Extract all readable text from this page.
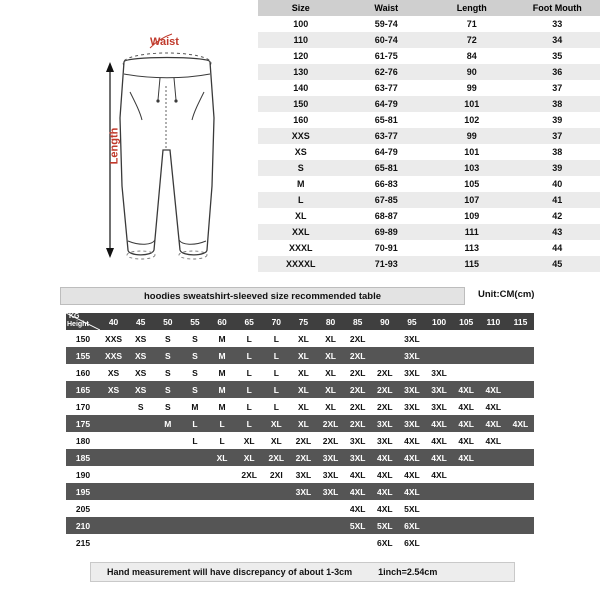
Waist
Length
Size	Waist	Length	Foot Mouth
100	59-74	71	33
110	60-74	72	34
120	61-75	84	35
130	62-76	90	36
140	63-77	99	37
150	64-79	101	38
160	65-81	102	39
XXS	63-77	99	37
XS	64-79	101	38
S	65-81	103	39
M	66-83	105	40
L	67-85	107	41
XL	68-87	109	42
XXL	69-89	111	43
XXXL	70-91	113	44
XXXXL	71-93	115	45
hoodies sweatshirt-sleeved size recommended table	Unit:CM(cm)
KG
Height	40	45	50	55	60	65	70	75	80	85	90	95	100	105	110	115
150	XXS	XS	S	S	M	L	L	XL	XL	2XL		3XL				
155	XXS	XS	S	S	M	L	L	XL	XL	2XL		3XL				
160	XS	XS	S	S	M	L	L	XL	XL	2XL	2XL	3XL	3XL			
165	XS	XS	S	S	M	L	L	XL	XL	2XL	2XL	3XL	3XL	4XL	4XL	
170		S	S	M	M	L	L	XL	XL	2XL	2XL	3XL	3XL	4XL	4XL	
175			M	L	L	L	XL	XL	2XL	2XL	3XL	3XL	4XL	4XL	4XL	4XL
180				L	L	XL	XL	2XL	2XL	3XL	3XL	4XL	4XL	4XL	4XL	
185					XL	XL	2XL	2XL	3XL	3XL	4XL	4XL	4XL	4XL		
190						2XL	2XI	3XL	3XL	4XL	4XL	4XL	4XL			
195								3XL	3XL	4XL	4XL	4XL				
205										4XL	4XL	5XL				
210										5XL	5XL	6XL				
215											6XL	6XL				
Hand measurement will have discrepancy of about 1-3cm	1inch=2.54cm
